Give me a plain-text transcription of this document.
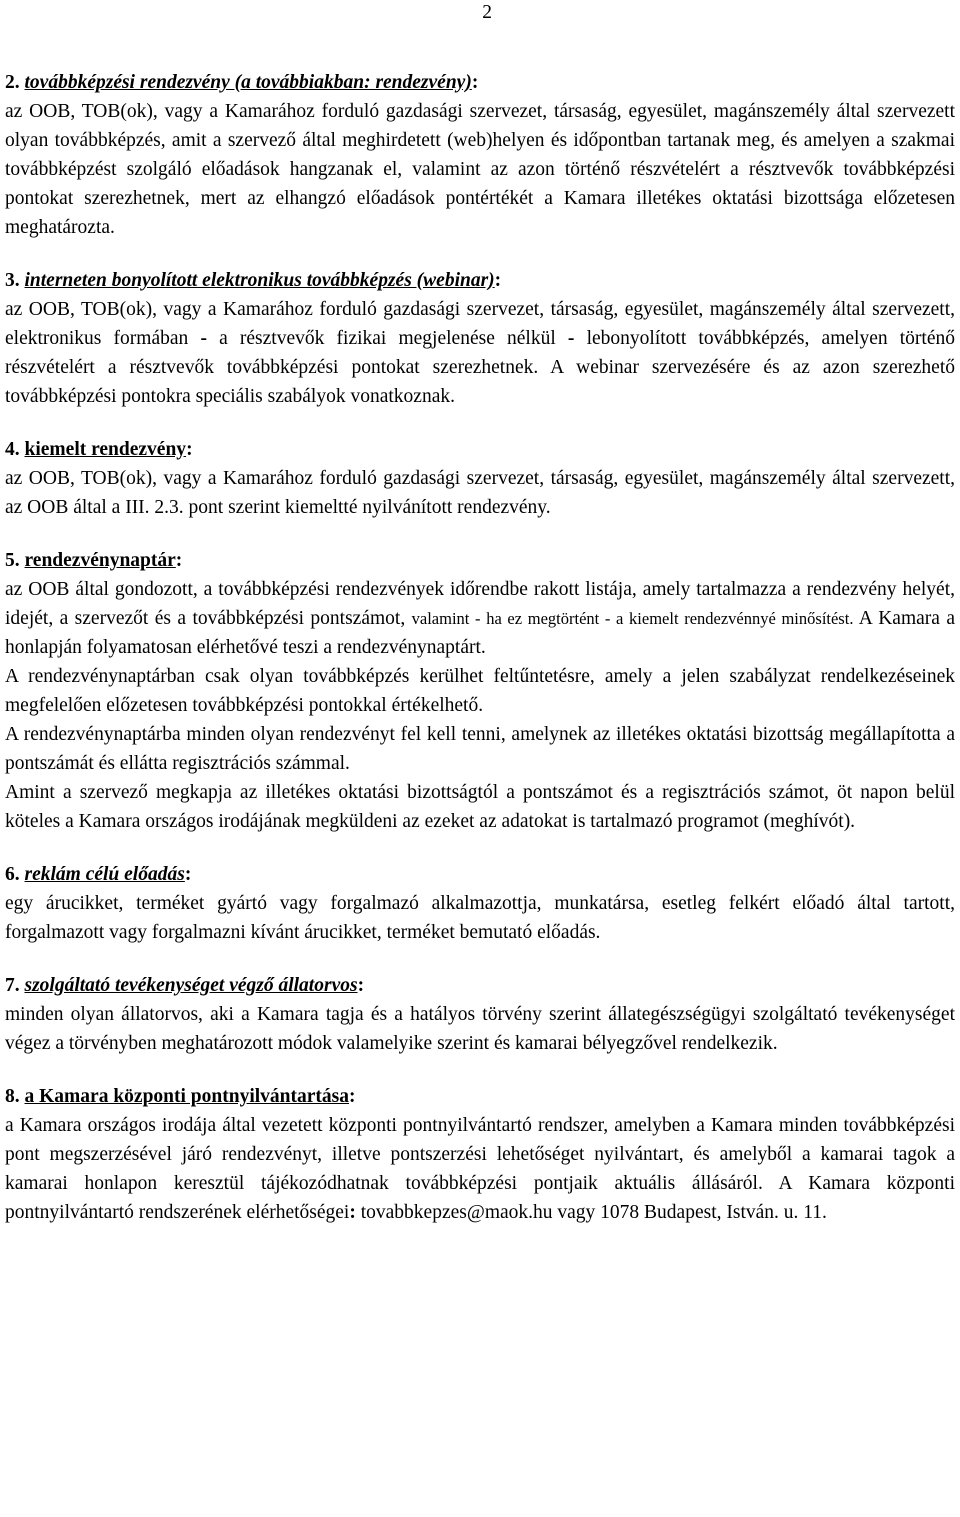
2
2. továbbképzési rendezvény (a továbbiakban: rendezvény):

az OOB, TOB(ok), vagy a Kamarához forduló gazdasági szervezet, társaság, egyesület, magánszemély által szervezett olyan továbbképzés, amit a szervező által meghirdetett (web)helyen és időpontban tartanak meg, és amelyen a szakmai továbbképzést szolgáló előadások hangzanak el, valamint az azon történő részvételért a résztvevők továbbképzési pontokat szerezhetnek, mert az elhangzó előadások pontértékét a Kamara illetékes oktatási bizottsága előzetesen meghatározta.

3. interneten bonyolított elektronikus továbbképzés (webinar):

az OOB, TOB(ok), vagy a Kamarához forduló gazdasági szervezet, társaság, egyesület, magánszemély által szervezett, elektronikus formában - a résztvevők fizikai megjelenése nélkül - lebonyolított továbbképzés, amelyen történő részvételért a résztvevők továbbképzési pontokat szerezhetnek. A webinar szervezésére és az azon szerezhető továbbképzési pontokra speciális szabályok vonatkoznak.

4. kiemelt rendezvény:

az OOB, TOB(ok), vagy a Kamarához forduló gazdasági szervezet, társaság, egyesület, magánszemély által szervezett, az OOB által a III. 2.3. pont szerint kiemeltté nyilvánított rendezvény.

5. rendezvénynaptár:

az OOB által gondozott, a továbbképzési rendezvények időrendbe rakott listája, amely tartalmazza a rendezvény helyét, idejét, a szervezőt és a továbbképzési pontszámot, valamint - ha ez megtörtént - a kiemelt rendezvénnyé minősítést. A Kamara a honlapján folyamatosan elérhetővé teszi a rendezvénynaptárt.

A rendezvénynaptárban csak olyan továbbképzés kerülhet feltűntetésre, amely a jelen szabályzat rendelkezéseinek megfelelően előzetesen továbbképzési pontokkal értékelhető.

A rendezvénynaptárba minden olyan rendezvényt fel kell tenni, amelynek az illetékes oktatási bizottság megállapította a pontszámát és ellátta regisztrációs számmal.

Amint a szervező megkapja az illetékes oktatási bizottságtól a pontszámot és a regisztrációs számot, öt napon belül köteles a Kamara országos irodájának megküldeni az ezeket az adatokat is tartalmazó programot (meghívót).

6. reklám célú előadás:

egy árucikket, terméket gyártó vagy forgalmazó alkalmazottja, munkatársa, esetleg felkért előadó által tartott, forgalmazott vagy forgalmazni kívánt árucikket, terméket bemutató előadás.

7. szolgáltató tevékenységet végző állatorvos:

minden olyan állatorvos, aki a Kamara tagja és a hatályos törvény szerint állategészségügyi szolgáltató tevékenységet végez a törvényben meghatározott módok valamelyike szerint és kamarai bélyegzővel rendelkezik.

8. a Kamara központi pontnyilvántartása:

a Kamara országos irodája által vezetett központi pontnyilvántartó rendszer, amelyben a Kamara minden továbbképzési pont megszerzésével járó rendezvényt, illetve pontszerzési lehetőséget nyilvántart, és amelyből a kamarai tagok a kamarai honlapon keresztül tájékozódhatnak továbbképzési pontjaik aktuális állásáról. A Kamara központi pontnyilvántartó rendszerének elérhetőségei: tovabbkepzes@maok.hu vagy 1078 Budapest, István. u. 11.
